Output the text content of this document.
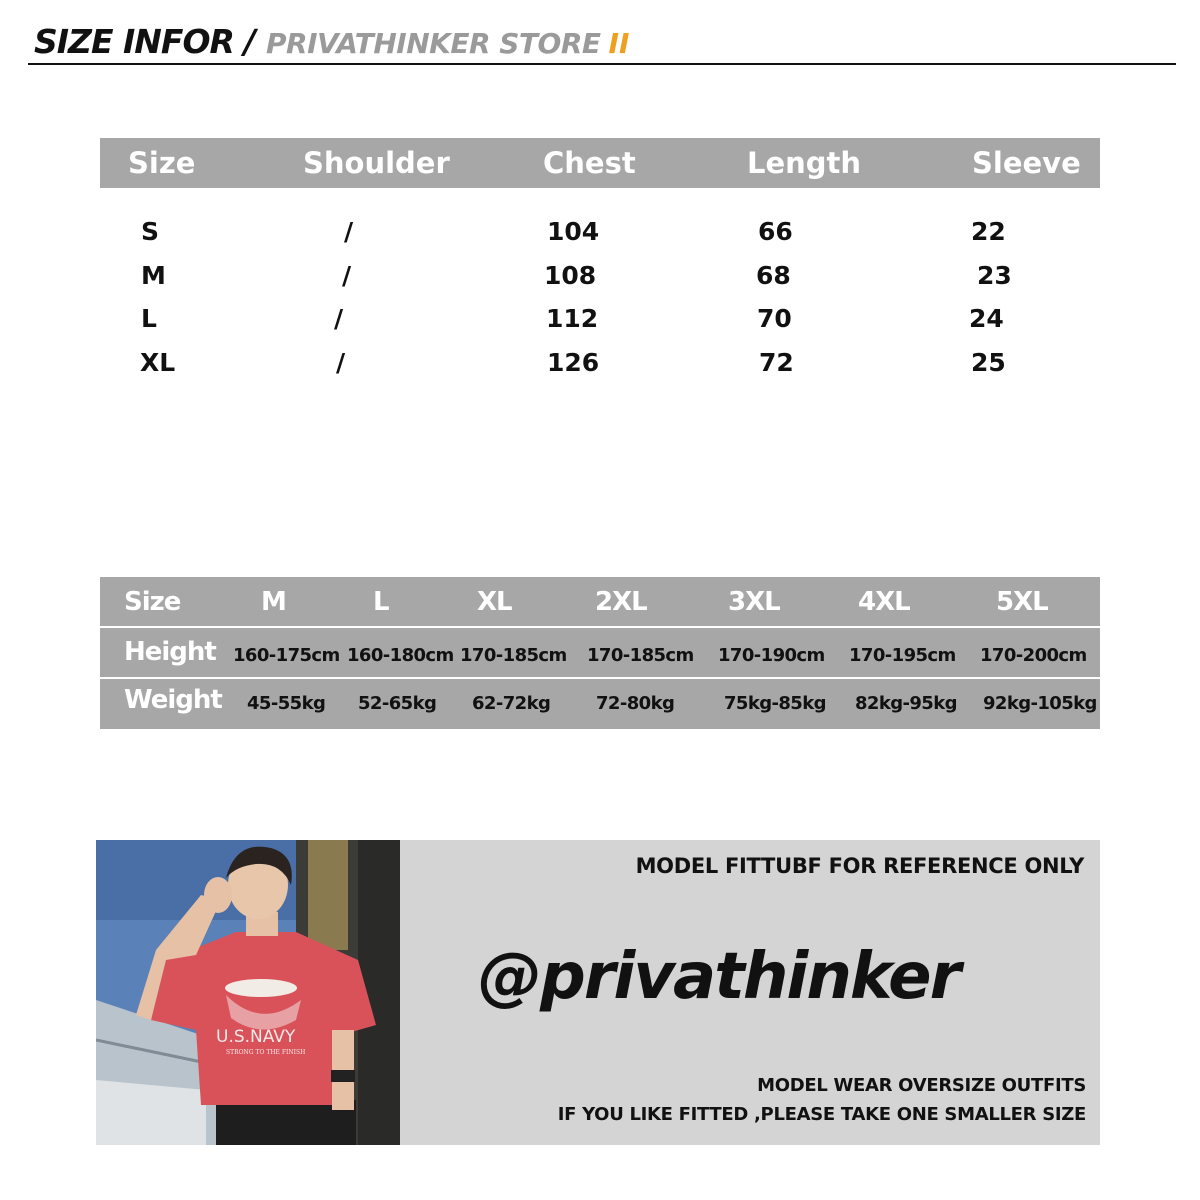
SIZE INFOR / PRIVATHINKER STORE II
Size	Shoulder	Chest	Length	Sleeve
S	/	104	66	22
M	/	108	68	23
L	/	112	70	24
XL	/	126	72	25
Size	M	L	XL	2XL	3XL	4XL	5XL
Height 160-175cm 160-180cm 170-185cm 170-185cm 170-190cm 170-195cm 170-200cm
Weight 45-55kg 52-65kg 62-72kg	72-80kg	75kg-85kg 82kg-95kg 92kg-105kg
U.S.NAVY
STRONG TO THE FINISH
MODEL FITTUBF FOR REFERENCE ONLY
@privathinker
MODEL WEAR OVERSIZE OUTFITS
IF YOU LIKE FITTED ,PLEASE TAKE ONE SMALLER SIZE
